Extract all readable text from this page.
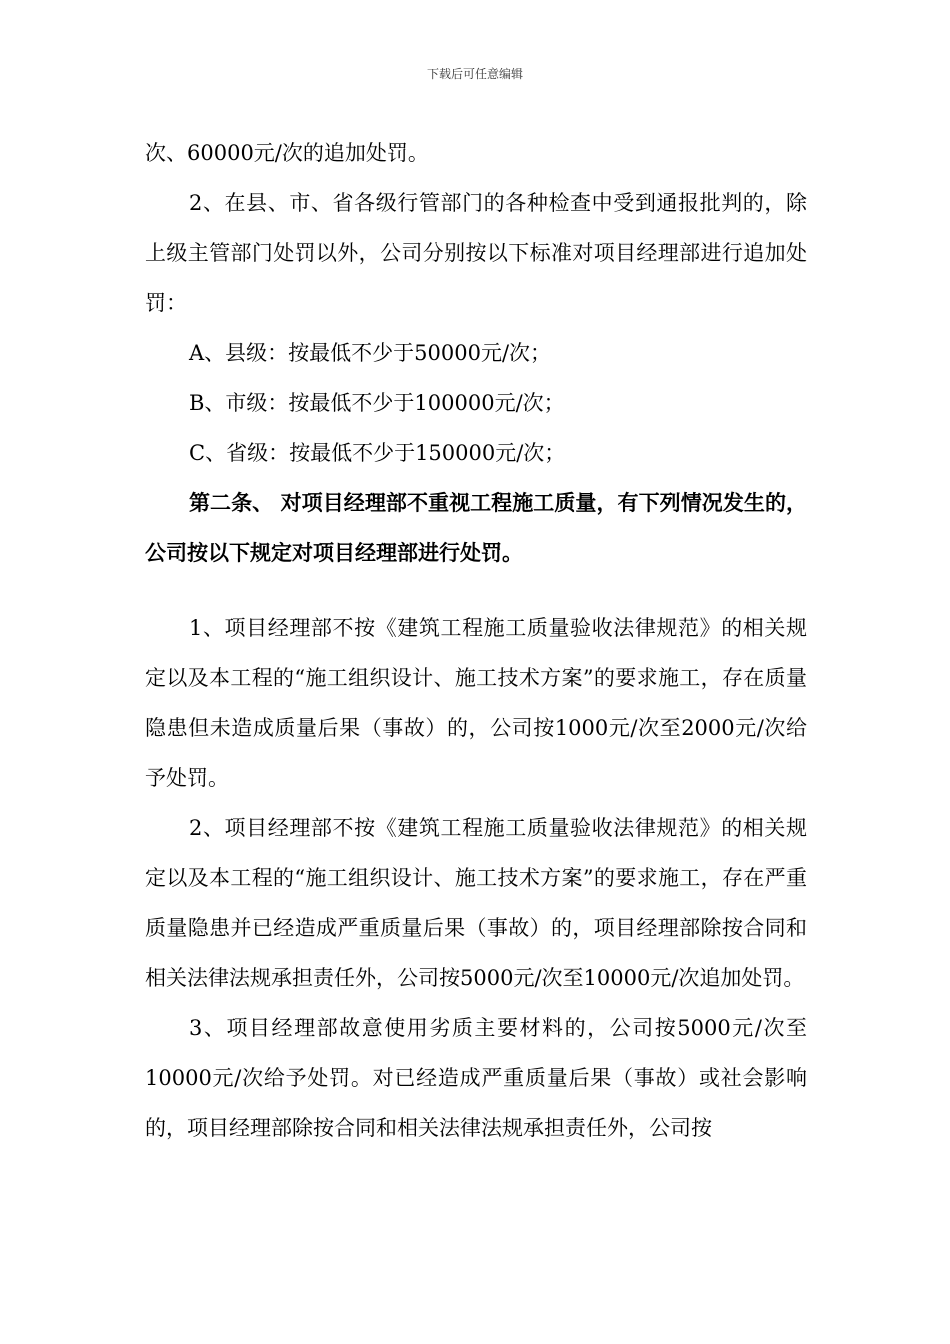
下载后可任意编辑

次、60000元/次的追加处罚。

2、在县、市、省各级行管部门的各种检查中受到通报批判的，除上级主管部门处罚以外，公司分别按以下标准对项目经理部进行追加处罚：

A、县级：按最低不少于50000元/次；

B、市级：按最低不少于100000元/次；

C、省级：按最低不少于150000元/次；

第二条、 对项目经理部不重视工程施工质量，有下列情况发生的，公司按以下规定对项目经理部进行处罚。

1、项目经理部不按《建筑工程施工质量验收法律规范》的相关规定以及本工程的“施工组织设计、施工技术方案”的要求施工，存在质量隐患但未造成质量后果（事故）的，公司按1000元/次至2000元/次给予处罚。

2、项目经理部不按《建筑工程施工质量验收法律规范》的相关规定以及本工程的“施工组织设计、施工技术方案”的要求施工，存在严重质量隐患并已经造成严重质量后果（事故）的，项目经理部除按合同和相关法律法规承担责任外，公司按5000元/次至10000元/次追加处罚。

3、项目经理部故意使用劣质主要材料的，公司按5000元/次至10000元/次给予处罚。对已经造成严重质量后果（事故）或社会影响的，项目经理部除按合同和相关法律法规承担责任外，公司按
